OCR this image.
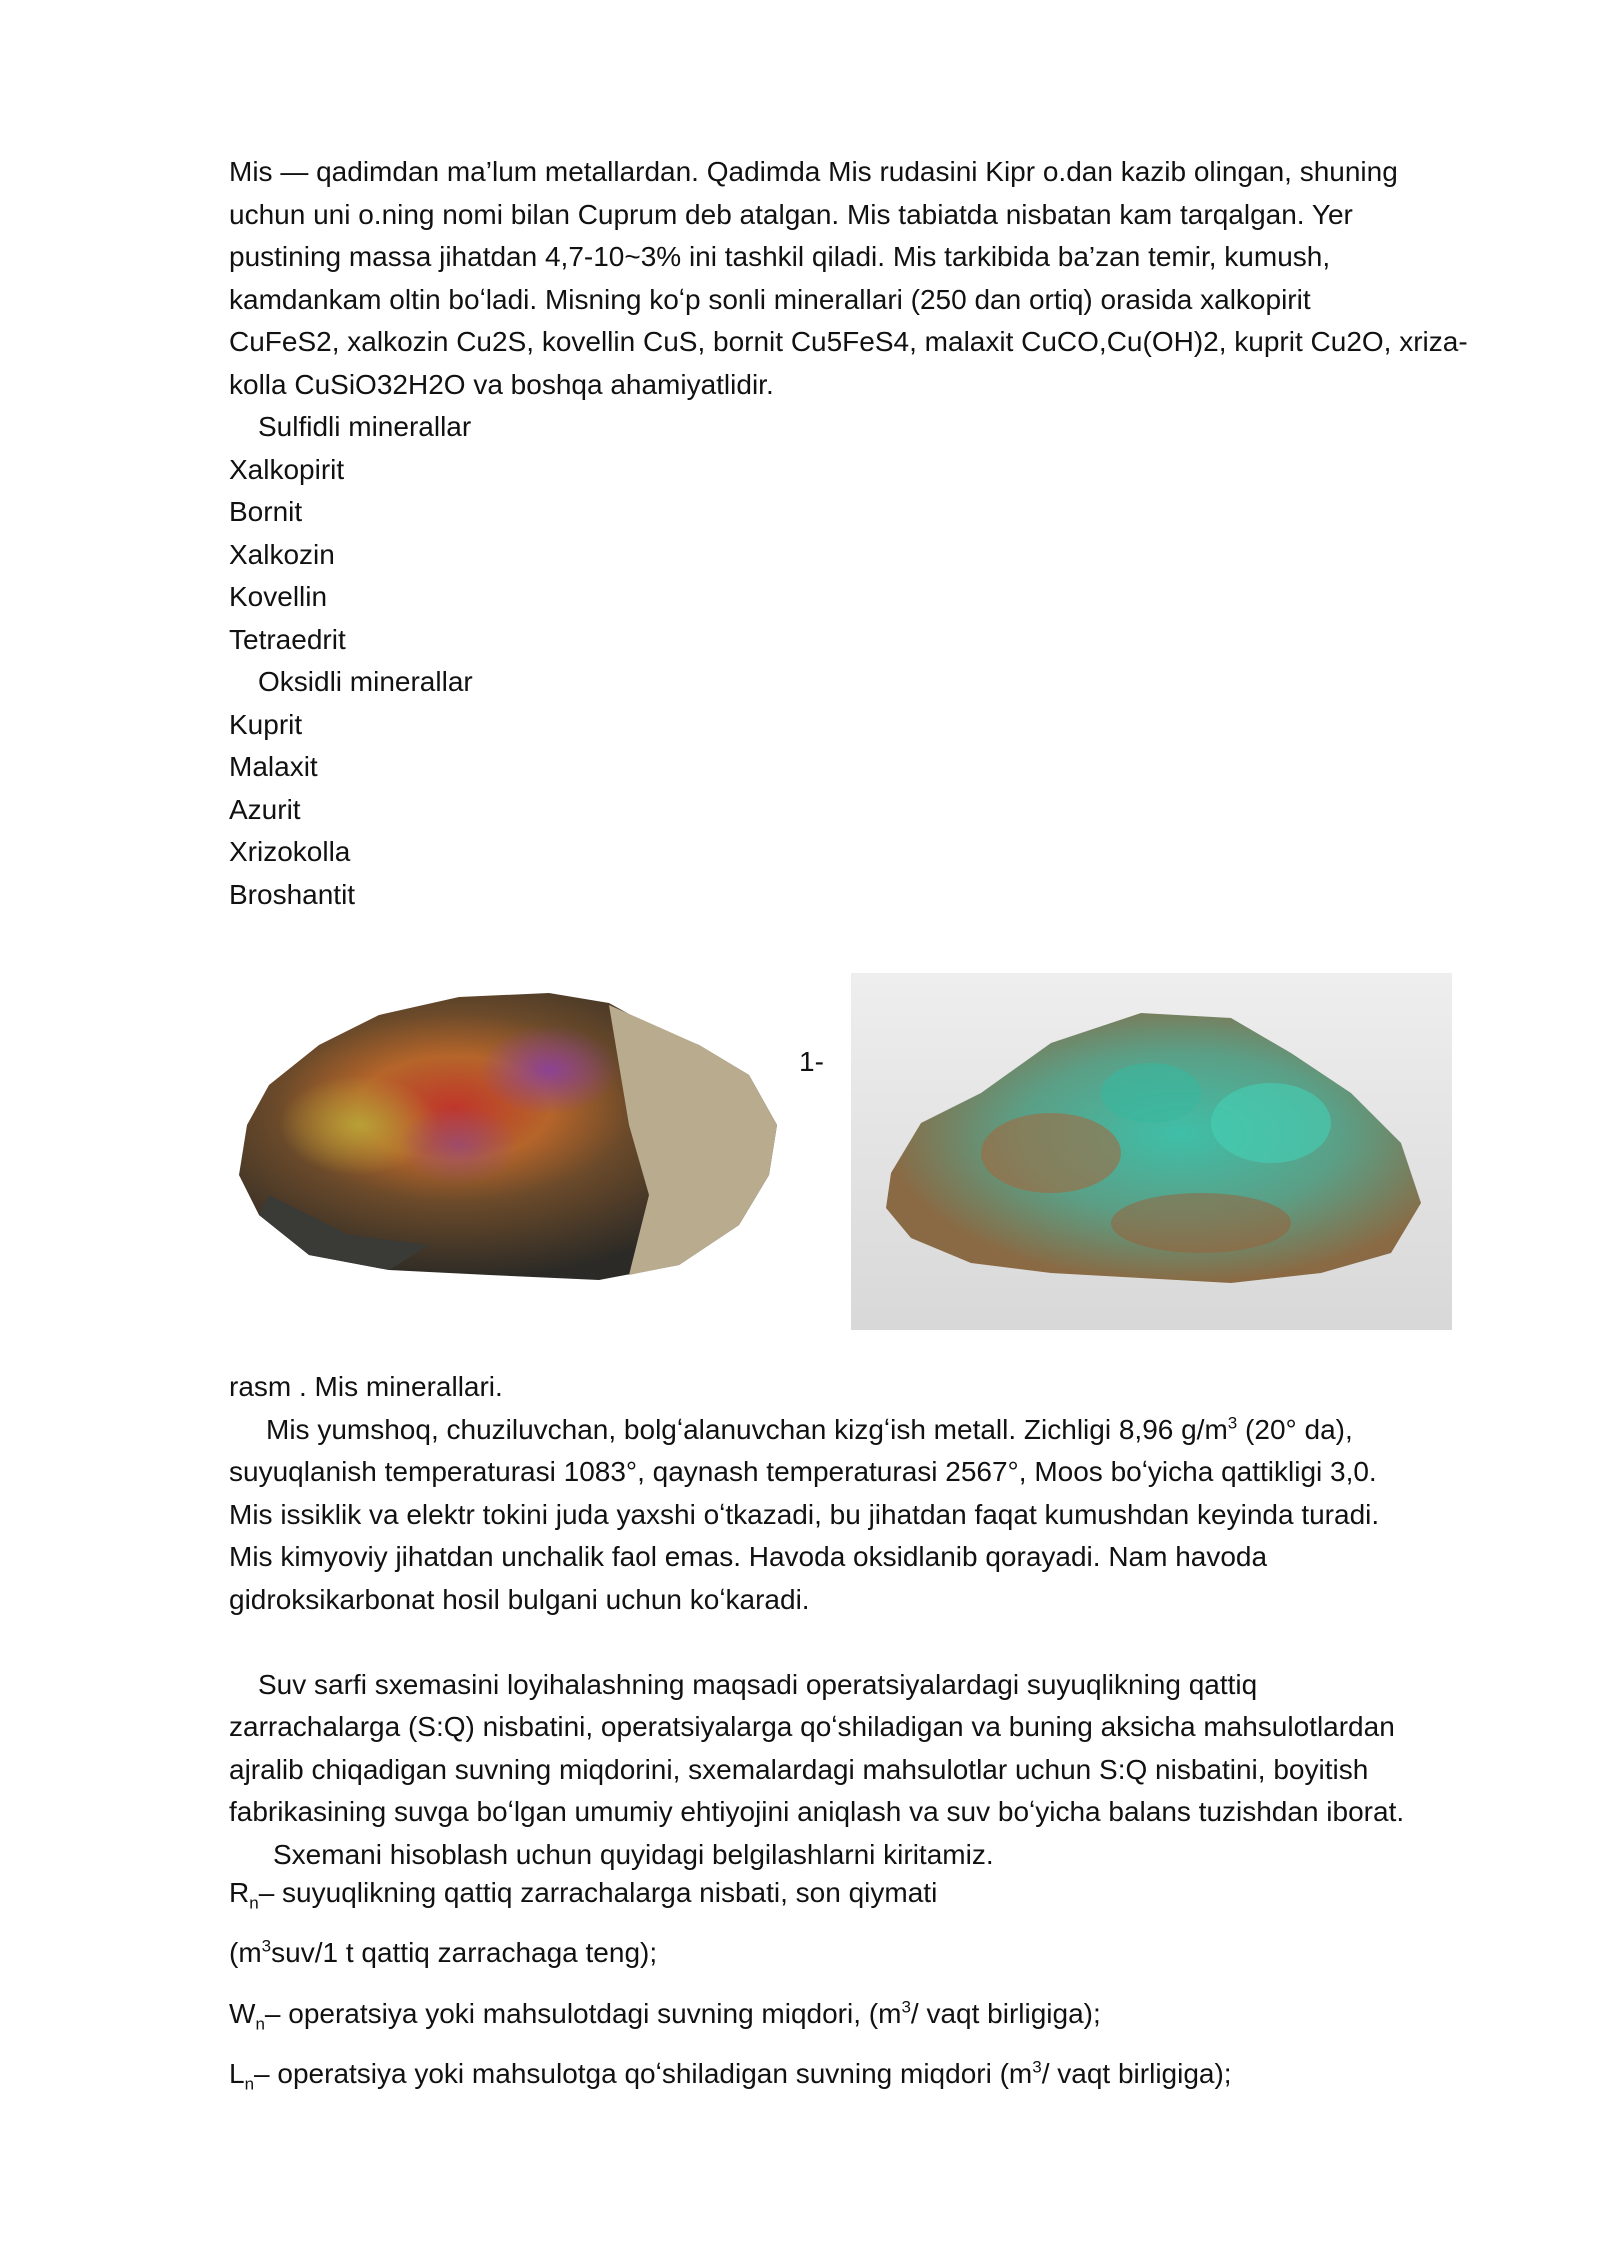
Mis — qadimdan ma’lum metallardan. Qadimda Mis rudasini Kipr o.dan kazib olingan, shuning
uchun uni o.ning nomi bilan Cuprum deb atalgan. Mis tabiatda nisbatan kam tarqalgan. Yer
pustining massa jihatdan 4,7-10~3% ini tashkil qiladi. Mis tarkibida ba’zan temir, kumush,
kamdankam oltin boʻladi. Misning koʻp sonli minerallari (250 dan ortiq) orasida xalkopirit
CuFeS2, xalkozin Cu2S, kovellin CuS, bornit Cu5FeS4, malaxit CuCO,Cu(OH)2, kuprit Cu2O, xriza-
kolla CuSiO32H2O va boshqa ahamiyatlidir.
Sulfidli minerallar
Xalkopirit
Bornit
Xalkozin
Kovellin
Tetraedrit
Oksidli minerallar
Kuprit
Malaxit
Azurit
Xrizokolla
Broshantit
1-
rasm . Mis minerallari.
Mis yumshoq, chuziluvchan, bolgʻalanuvchan kizgʻish metall. Zichligi 8,96 $g/m^3$ (20° da),
suyuqlanish temperaturasi 1083°, qaynash temperaturasi 2567°, Moos boʻyicha qattikligi 3,0.
Mis issiklik va elektr tokini juda yaxshi oʻtkazadi, bu jihatdan faqat kumushdan keyinda turadi.
Mis kimyoviy jihatdan unchalik faol emas. Havoda oksidlanib qorayadi. Nam havoda
gidroksikarbonat hosil bulgani uchun koʻkaradi.

Suv sarfi sxemasini loyihalashning maqsadi operatsiyalardagi suyuqlikning qattiq
zarrachalarga (S:Q) nisbatini, operatsiyalarga qoʻshiladigan va buning aksicha mahsulotlardan
ajralib chiqadigan suvning miqdorini, sxemalardagi mahsulotlar uchun S:Q nisbatini, boyitish
fabrikasining suvga boʻlgan umumiy ehtiyojini aniqlash va suv boʻyicha balans tuzishdan iborat.
Sxemani hisoblash uchun quyidagi belgilashlarni kiritamiz.
$R_n-$ suyuqlikning qattiq zarrachalarga nisbati, son qiymati
($m^3suv/1$ t qattiq zarrachaga teng);
$W_n-$ operatsiya yoki mahsulotdagi suvning miqdori, ($m^3/$ vaqt birligiga);
$L_n-$ operatsiya yoki mahsulotga qoʻshiladigan suvning miqdori ($m^3/$ vaqt birligiga);
